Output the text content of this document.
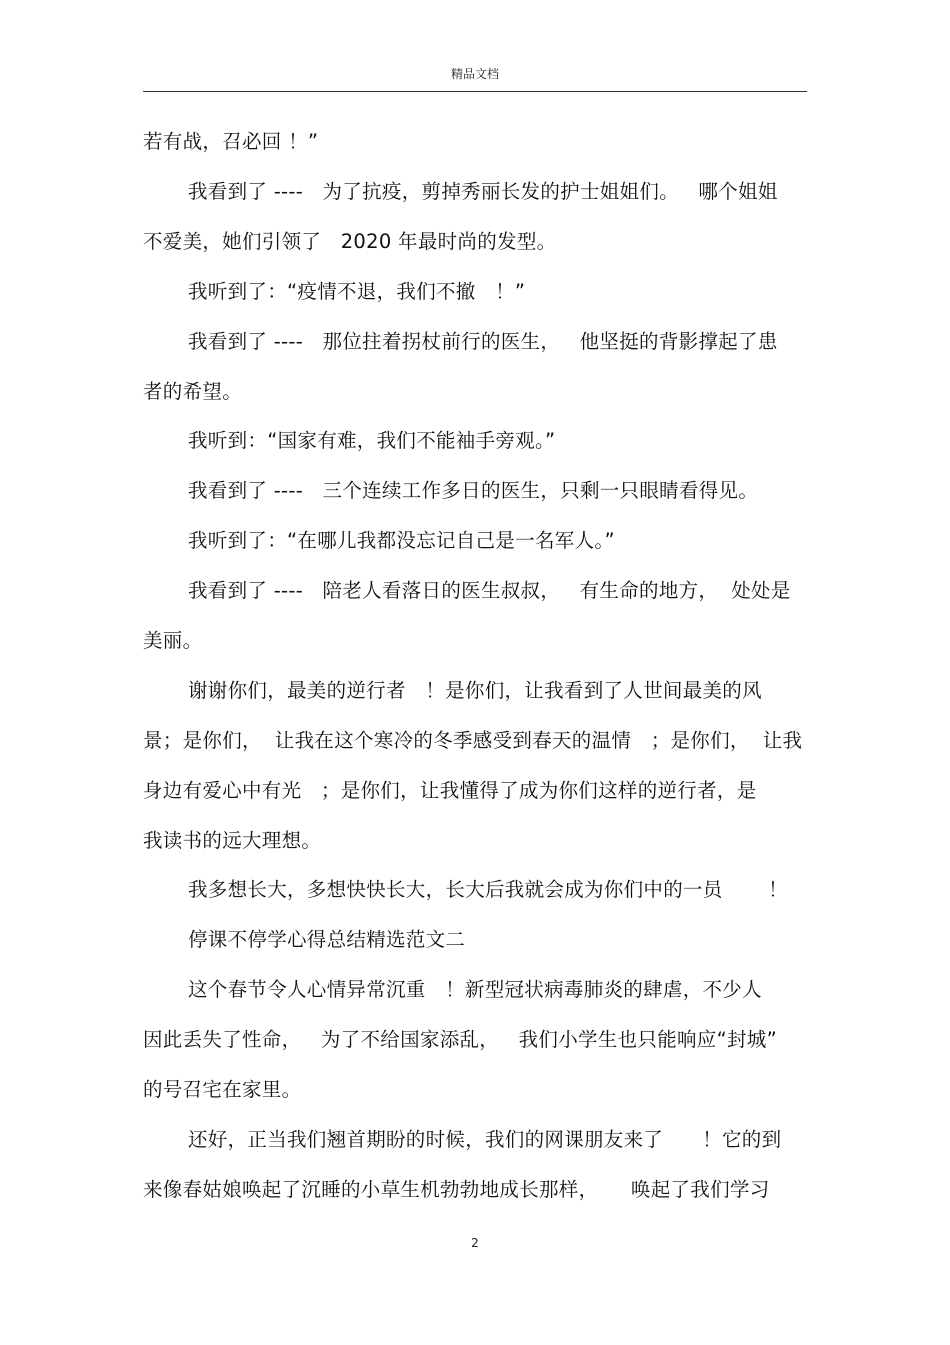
精品文档
若有战，召必回 ！”
我看到了 ----   为了抗疫，剪掉秀丽长发的护士姐姐们。   哪个姐姐
不爱美，她们引领了   2020 年最时尚的发型。
我听到了：“疫情不退，我们不撤   ！”
我看到了 ----   那位拄着拐杖前行的医生，   他坚挺的背影撑起了患
者的希望。
我听到：“国家有难，我们不能袖手旁观。”
我看到了 ----   三个连续工作多日的医生，只剩一只眼睛看得见。
我听到了：“在哪儿我都没忘记自己是一名军人。”
我看到了 ----   陪老人看落日的医生叔叔，   有生命的地方，  处处是
美丽。
谢谢你们，最美的逆行者   ！是你们，让我看到了人世间最美的风
景；是你们，  让我在这个寒冷的冬季感受到春天的温情   ；是你们，  让我
身边有爱心中有光   ；是你们，让我懂得了成为你们这样的逆行者，是
我读书的远大理想。
我多想长大，多想快快长大，长大后我就会成为你们中的一员       ！
停课不停学心得总结精选范文二
这个春节令人心情异常沉重   ！新型冠状病毒肺炎的肆虐，不少人
因此丢失了性命，   为了不给国家添乱，   我们小学生也只能响应“封城”
的号召宅在家里。
还好，正当我们翘首期盼的时候，我们的网课朋友来了      ！它的到
来像春姑娘唤起了沉睡的小草生机勃勃地成长那样，     唤起了我们学习
2
